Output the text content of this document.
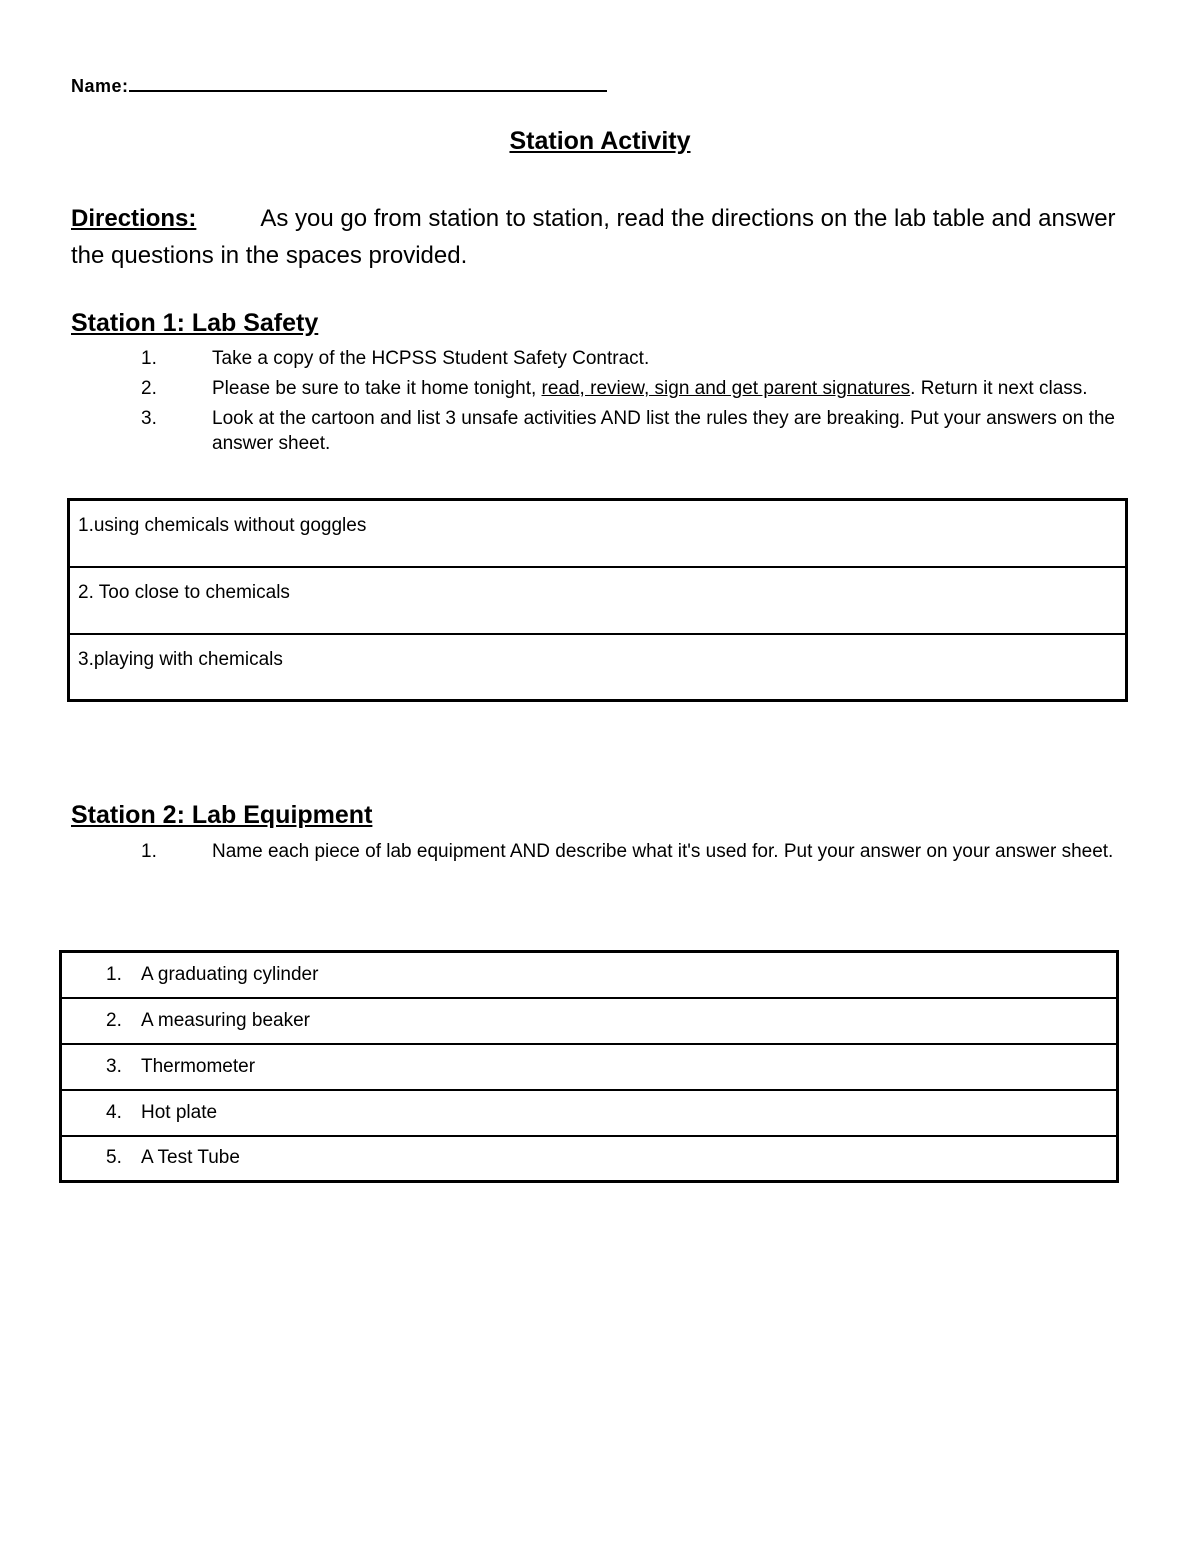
Name:
Station Activity
Directions:	As you go from station to station, read the directions on the lab table and answer the questions in the spaces provided.
Station 1: Lab Safety
1.	Take a copy of the HCPSS Student Safety Contract.
2.	Please be sure to take it home tonight, read, review, sign and get parent signatures. Return it next class.
3.	Look at the cartoon and list 3 unsafe activities AND list the rules they are breaking. Put your answers on the answer sheet.
1.using chemicals without goggles
2. Too close to chemicals
3.playing with chemicals
Station 2: Lab Equipment
1.	Name each piece of lab equipment AND describe what it's used for. Put your answer on your answer sheet.
1. A graduating cylinder
2. A measuring beaker
3. Thermometer
4. Hot plate
5. A Test Tube
